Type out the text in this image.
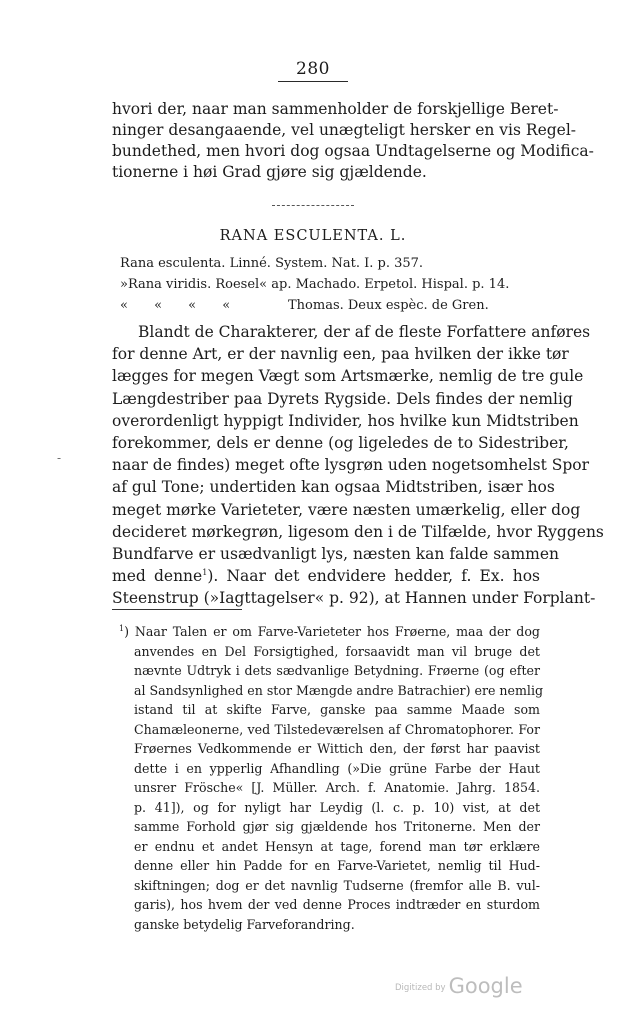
280
hvori der, naar man sammenholder de forskjellige Beret-
ninger desangaaende, vel unægteligt hersker en vis Regel-
bundethed, men hvori dog ogsaa Undtagelserne og Modifica-
tionerne i høi Grad gjøre sig gjældende.
RANA ESCULENTA. L.
Rana esculenta. Linné. System. Nat. I. p. 357.
»Rana viridis. Roesel« ap. Machado. Erpetol. Hispal. p. 14.
« « « «	Thomas. Deux espèc. de Gren.
Blandt de Charakterer, der af de fleste Forfattere anføres
for denne Art, er der navnlig een, paa hvilken der ikke tør
lægges for megen Vægt som Artsmærke, nemlig de tre gule
Længdestriber paa Dyrets Rygside. Dels findes der nemlig
overordenligt hyppigt Individer, hos hvilke kun Midtstriben
forekommer, dels er denne (og ligeledes de to Sidestriber,
naar de findes) meget ofte lysgrøn uden nogetsomhelst Spor
af gul Tone; undertiden kan ogsaa Midtstriben, især hos
meget mørke Varieteter, være næsten umærkelig, eller dog
decideret mørkegrøn, ligesom den i de Tilfælde, hvor Ryggens
Bundfarve er usædvanligt lys, næsten kan falde sammen
med denne$^1$). Naar det endvidere hedder, f. Ex. hos
Steenstrup (»Iagttagelser« p. 92), at Hannen under Forplant-
-
$^1$) Naar Talen er om Farve-Varieteter hos Frøerne, maa der dog
anvendes en Del Forsigtighed, forsaavidt man vil bruge det
nævnte Udtryk i dets sædvanlige Betydning. Frøerne (og efter
al Sandsynlighed en stor Mængde andre Batrachier) ere nemlig
istand til at skifte Farve, ganske paa samme Maade som
Chamæleonerne, ved Tilstedeværelsen af Chromatophorer. For
Frøernes Vedkommende er Wittich den, der først har paavist
dette i en ypperlig Afhandling (»Die grüne Farbe der Haut
unsrer Frösche« [J. Müller. Arch. f. Anatomie. Jahrg. 1854.
p. 41]), og for nyligt har Leydig (l. c. p. 10) vist, at det
samme Forhold gjør sig gjældende hos Tritonerne. Men der
er endnu et andet Hensyn at tage, forend man tør erklære
denne eller hin Padde for en Farve-Varietet, nemlig til Hud-
skiftningen; dog er det navnlig Tudserne (fremfor alle B. vul-
garis), hos hvem der ved denne Proces indtræder en sturdom
ganske betydelig Farveforandring.
Digitized by Google
